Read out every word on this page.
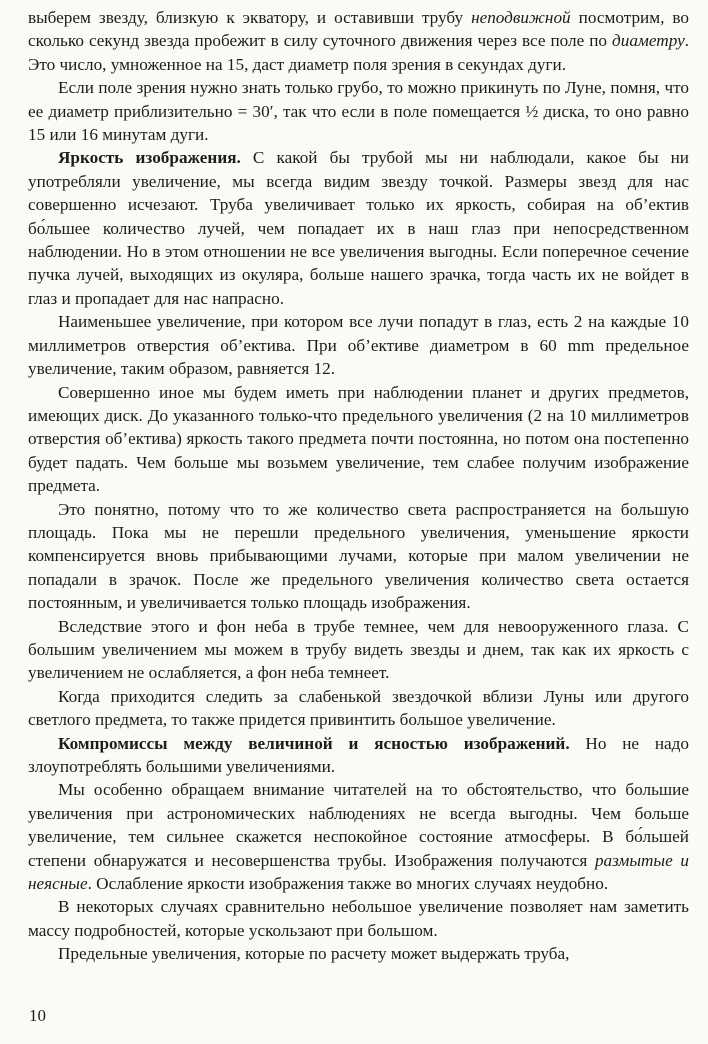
выберем звезду, близкую к экватору, и оставивши трубу неподвижной посмотрим, во сколько секунд звезда пробежит в силу суточного движения через все поле по диаметру. Это число, умноженное на 15, даст диаметр поля зрения в секундах дуги.

Если поле зрения нужно знать только грубо, то можно прикинуть по Луне, помня, что ее диаметр приблизительно = 30′, так что если в поле помещается ½ диска, то оно равно 15 или 16 минутам дуги.

Яркость изображения. С какой бы трубой мы ни наблюдали, какое бы ни употребляли увеличение, мы всегда видим звезду точкой. Размеры звезд для нас совершенно исчезают. Труба увеличивает только их яркость, собирая на об’ектив бо́льшее количество лучей, чем попадает их в наш глаз при непосредственном наблюдении. Но в этом отношении не все увеличения выгодны. Если поперечное сечение пучка лучей, выходящих из окуляра, больше нашего зрачка, тогда часть их не войдет в глаз и пропадает для нас напрасно.

Наименьшее увеличение, при котором все лучи попадут в глаз, есть 2 на каждые 10 миллиметров отверстия об’ектива. При об’ективе диаметром в 60 mm предельное увеличение, таким образом, равняется 12.

Совершенно иное мы будем иметь при наблюдении планет и других предметов, имеющих диск. До указанного только-что предельного увеличения (2 на 10 миллиметров отверстия об’ектива) яркость такого предмета почти постоянна, но потом она постепенно будет падать. Чем больше мы возьмем увеличение, тем слабее получим изображение предмета.

Это понятно, потому что то же количество света распространяется на большую площадь. Пока мы не перешли предельного увеличения, уменьшение яркости компенсируется вновь прибывающими лучами, которые при малом увеличении не попадали в зрачок. После же предельного увеличения количество света остается постоянным, и увеличивается только площадь изображения.

Вследствие этого и фон неба в трубе темнее, чем для невооруженного глаза. С большим увеличением мы можем в трубу видеть звезды и днем, так как их яркость с увеличением не ослабляется, а фон неба темнеет.

Когда приходится следить за слабенькой звездочкой вблизи Луны или другого светлого предмета, то также придется привинтить большое увеличение.

Компромиссы между величиной и ясностью изображений. Но не надо злоупотреблять большими увеличениями.

Мы особенно обращаем внимание читателей на то обстоятельство, что большие увеличения при астрономических наблюдениях не всегда выгодны. Чем больше увеличение, тем сильнее скажется неспокойное состояние атмосферы. В бо́льшей степени обнаружатся и несовершенства трубы. Изображения получаются размытые и неясные. Ослабление яркости изображения также во многих случаях неудобно.

В некоторых случаях сравнительно небольшое увеличение позволяет нам заметить массу подробностей, которые ускользают при большом.

Предельные увеличения, которые по расчету может выдержать труба,

10
